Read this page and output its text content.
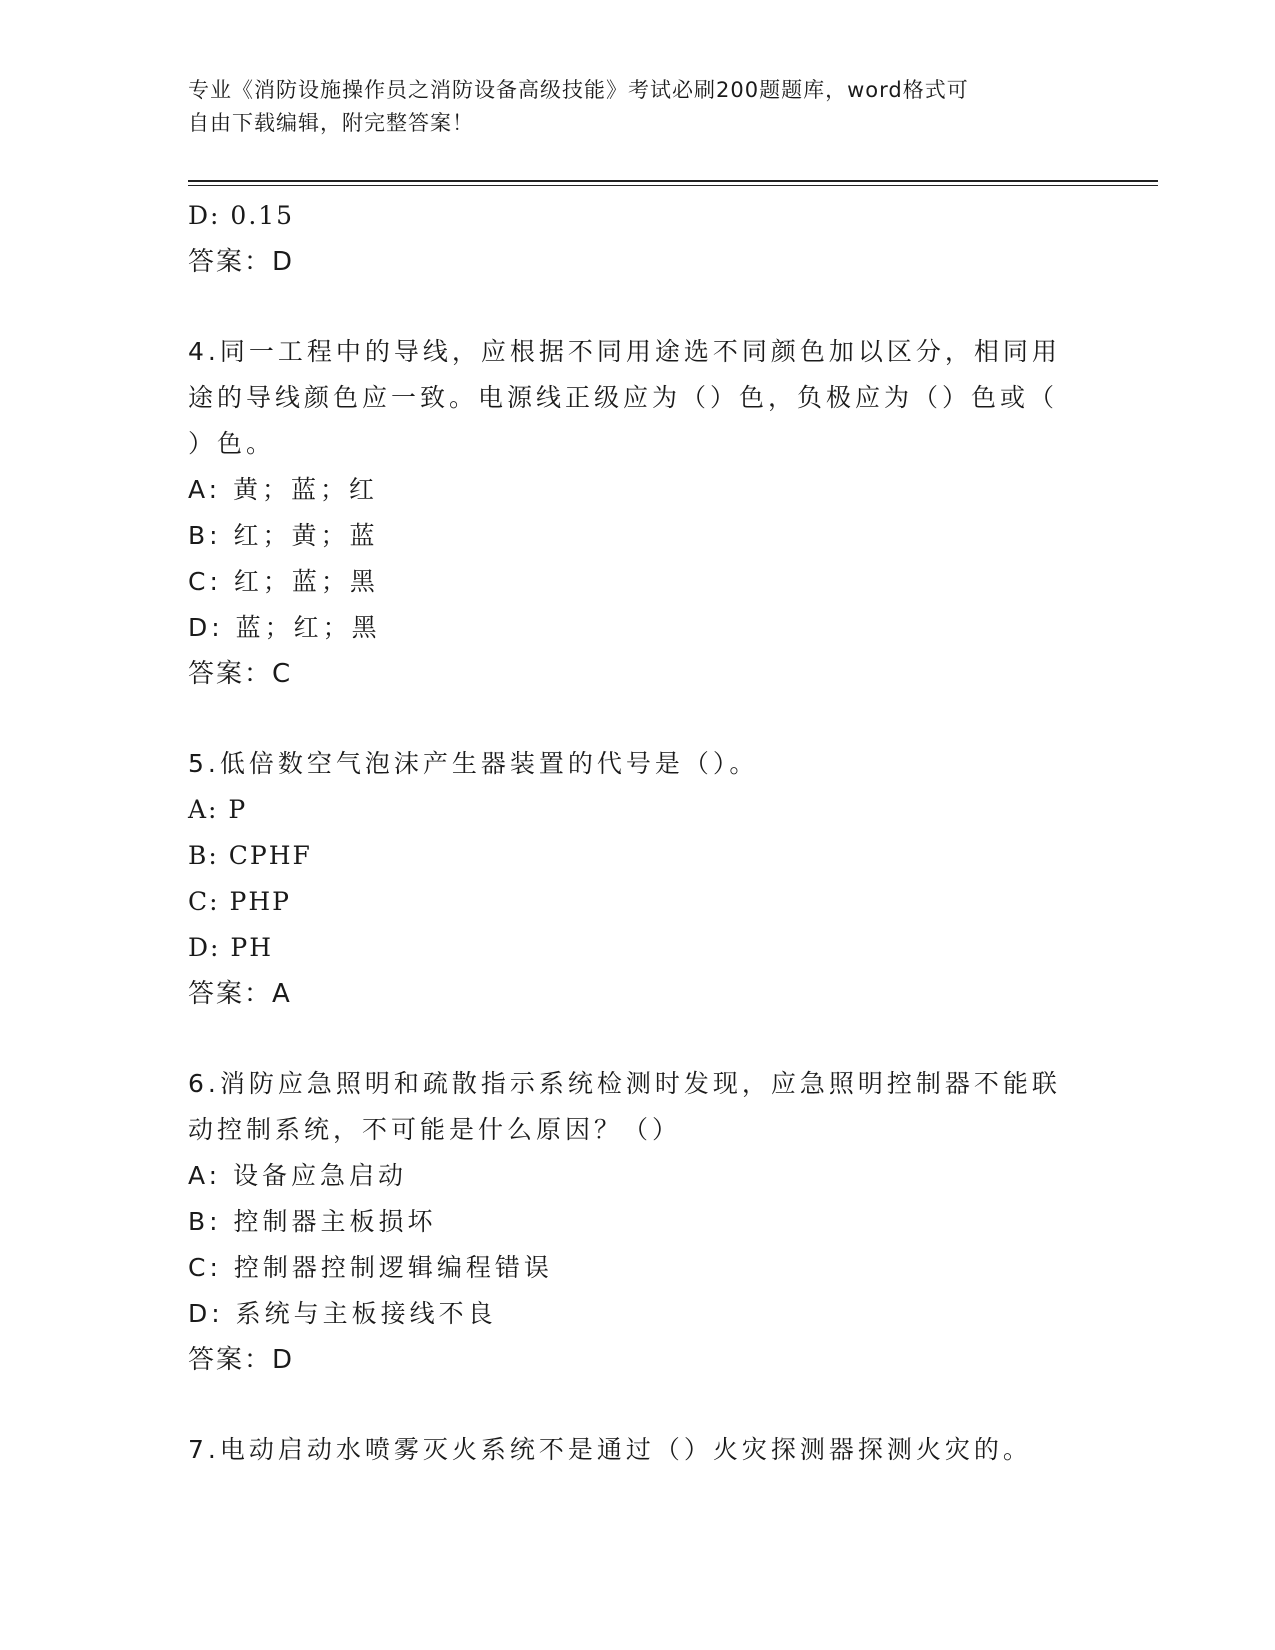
专业《消防设施操作员之消防设备高级技能》考试必刷200题题库，word格式可
自由下载编辑，附完整答案！
D: 0.15
答案：D
4.同一工程中的导线，应根据不同用途选不同颜色加以区分，相同用
途的导线颜色应一致。电源线正级应为（）色，负极应为（）色或（
）色。
A: 黄；蓝；红
B: 红；黄；蓝
C: 红；蓝；黑
D: 蓝；红；黑
答案：C
5.低倍数空气泡沫产生器装置的代号是（）。
A: P
B: CPHF
C: PHP
D: PH
答案：A
6.消防应急照明和疏散指示系统检测时发现，应急照明控制器不能联
动控制系统，不可能是什么原因？（）
A: 设备应急启动
B: 控制器主板损坏
C: 控制器控制逻辑编程错误
D: 系统与主板接线不良
答案：D
7.电动启动水喷雾灭火系统不是通过（）火灾探测器探测火灾的。
